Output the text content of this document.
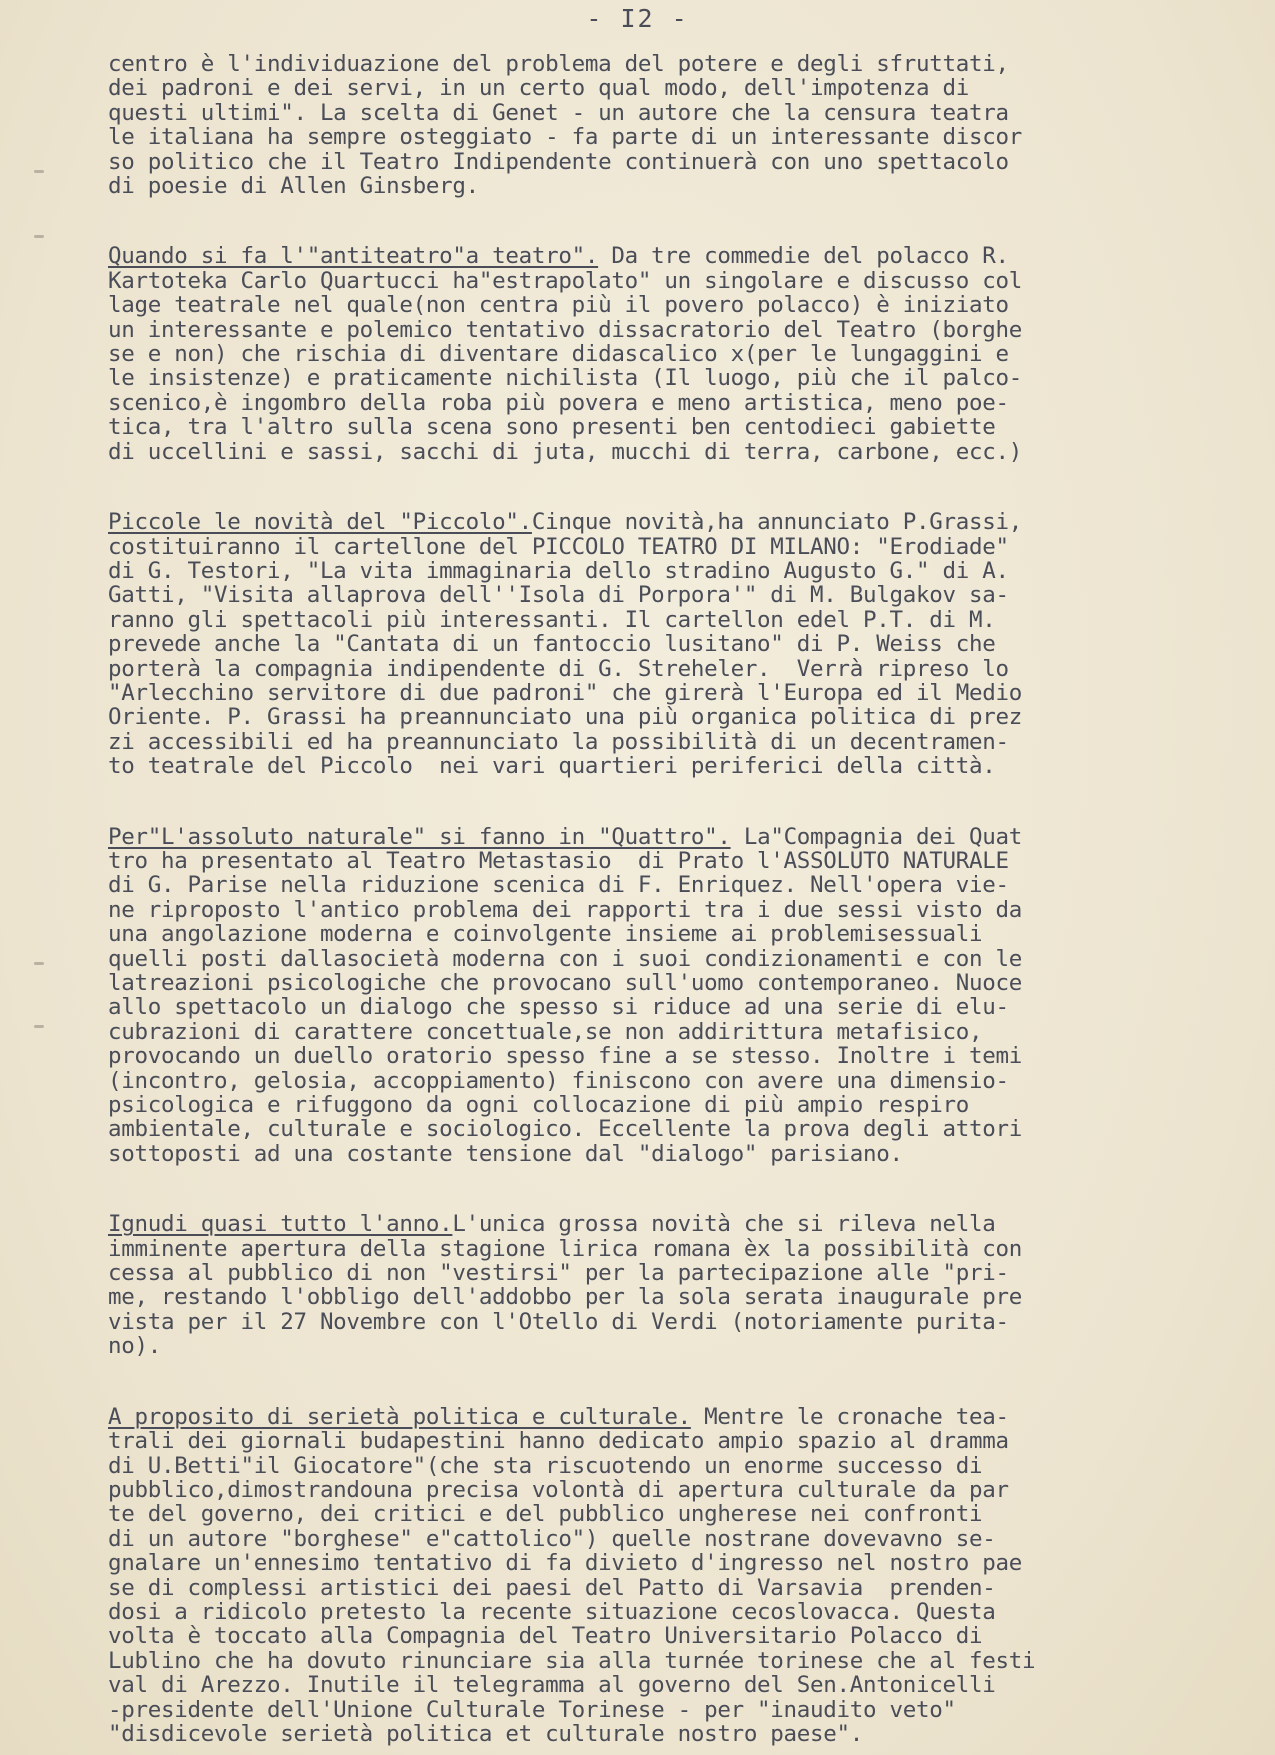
- I2 -
centro è l'individuazione del problema del potere e degli sfruttati,
dei padroni e dei servi, in un certo qual modo, dell'impotenza di
questi ultimi". La scelta di Genet - un autore che la censura teatra
le italiana ha sempre osteggiato - fa parte di un interessante discor
so politico che il Teatro Indipendente continuerà con uno spettacolo
di poesie di Allen Ginsberg.
Quando si fa l'"antiteatro"a teatro". Da tre commedie del polacco R.
Kartoteka Carlo Quartucci ha"estrapolato" un singolare e discusso col
lage teatrale nel quale(non centra più il povero polacco) è iniziato
un interessante e polemico tentativo dissacratorio del Teatro (borghe
se e non) che rischia di diventare didascalico x(per le lungaggini e
le insistenze) e praticamente nichilista (Il luogo, più che il palco-
scenico,è ingombro della roba più povera e meno artistica, meno poe-
tica, tra l'altro sulla scena sono presenti ben centodieci gabiette
di uccellini e sassi, sacchi di juta, mucchi di terra, carbone, ecc.)
Piccole le novità del "Piccolo".Cinque novità,ha annunciato P.Grassi,
costituiranno il cartellone del PICCOLO TEATRO DI MILANO: "Erodiade"
di G. Testori, "La vita immaginaria dello stradino Augusto G." di A.
Gatti, "Visita allaprova dell''Isola di Porpora'" di M. Bulgakov sa-
ranno gli spettacoli più interessanti. Il cartellon edel P.T. di M.
prevede anche la "Cantata di un fantoccio lusitano" di P. Weiss che
porterà la compagnia indipendente di G. Streheler.  Verrà ripreso lo
"Arlecchino servitore di due padroni" che girerà l'Europa ed il Medio
Oriente. P. Grassi ha preannunciato una più organica politica di prez
zi accessibili ed ha preannunciato la possibilità di un decentramen-
to teatrale del Piccolo  nei vari quartieri periferici della città.
Per"L'assoluto naturale" si fanno in "Quattro". La"Compagnia dei Quat
tro ha presentato al Teatro Metastasio  di Prato l'ASSOLUTO NATURALE
di G. Parise nella riduzione scenica di F. Enriquez. Nell'opera vie-
ne riproposto l'antico problema dei rapporti tra i due sessi visto da
una angolazione moderna e coinvolgente insieme ai problemisessuali
quelli posti dallasocietà moderna con i suoi condizionamenti e con le
latreazioni psicologiche che provocano sull'uomo contemporaneo. Nuoce
allo spettacolo un dialogo che spesso si riduce ad una serie di elu-
cubrazioni di carattere concettuale,se non addirittura metafisico,
provocando un duello oratorio spesso fine a se stesso. Inoltre i temi
(incontro, gelosia, accoppiamento) finiscono con avere una dimensio-
psicologica e rifuggono da ogni collocazione di più ampio respiro
ambientale, culturale e sociologico. Eccellente la prova degli attori
sottoposti ad una costante tensione dal "dialogo" parisiano.
Ignudi quasi tutto l'anno.L'unica grossa novità che si rileva nella
imminente apertura della stagione lirica romana èx la possibilità con
cessa al pubblico di non "vestirsi" per la partecipazione alle "pri-
me, restando l'obbligo dell'addobbo per la sola serata inaugurale pre
vista per il 27 Novembre con l'Otello di Verdi (notoriamente purita-
no).
A proposito di serietà politica e culturale. Mentre le cronache tea-
trali dei giornali budapestini hanno dedicato ampio spazio al dramma
di U.Betti"il Giocatore"(che sta riscuotendo un enorme successo di
pubblico,dimostrandouna precisa volontà di apertura culturale da par
te del governo, dei critici e del pubblico ungherese nei confronti
di un autore "borghese" e"cattolico") quelle nostrane dovevavno se-
gnalare un'ennesimo tentativo di fa divieto d'ingresso nel nostro pae
se di complessi artistici dei paesi del Patto di Varsavia  prenden-
dosi a ridicolo pretesto la recente situazione cecoslovacca. Questa
volta è toccato alla Compagnia del Teatro Universitario Polacco di
Lublino che ha dovuto rinunciare sia alla turnée torinese che al festi
val di Arezzo. Inutile il telegramma al governo del Sen.Antonicelli
-presidente dell'Unione Culturale Torinese - per "inaudito veto"
"disdicevole serietà politica et culturale nostro paese".
